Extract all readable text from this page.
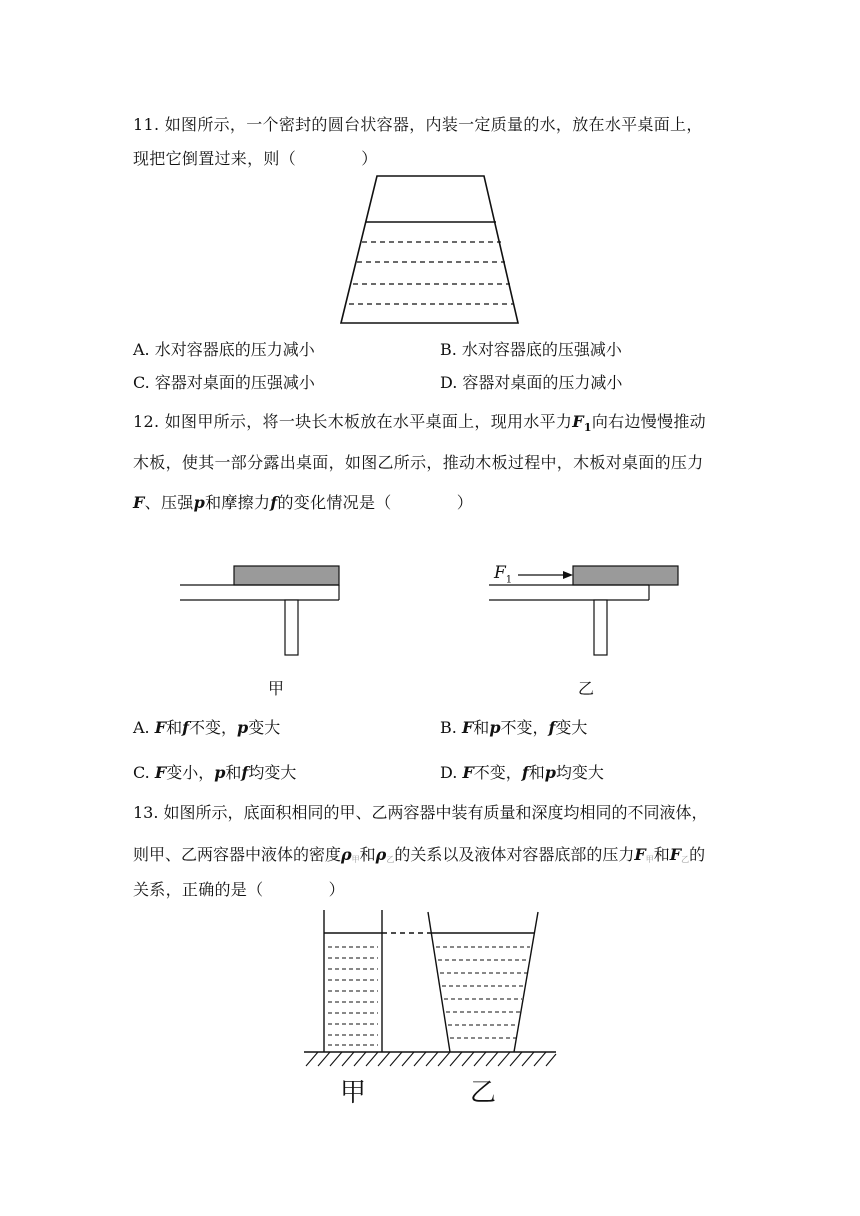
11. 如图所示，一个密封的圆台状容器，内装一定质量的水，放在水平桌面上，
现把它倒置过来，则（　　　　）
A. 水对容器底的压力减小	B. 水对容器底的压强减小
C. 容器对桌面的压强减小	D. 容器对桌面的压力减小
12. 如图甲所示，将一块长木板放在水平桌面上，现用水平力$F_1$向右边慢慢推动
木板，使其一部分露出桌面，如图乙所示，推动木板过程中，木板对桌面的压力
F、压强p和摩擦力f的变化情况是（　　　　）
$F_1$
甲	乙
A. F和f不变，p变大	B. F和p不变，f变大
C. F变小，p和f均变大	D. F不变，f和p均变大
13. 如图所示，底面积相同的甲、乙两容器中装有质量和深度均相同的不同液体，
则甲、乙两容器中液体的密度$\rho_甲$和$\rho_乙$的关系以及液体对容器底部的压力$F_甲$和$F_乙$的
关系，正确的是（　　　　）
甲	乙
